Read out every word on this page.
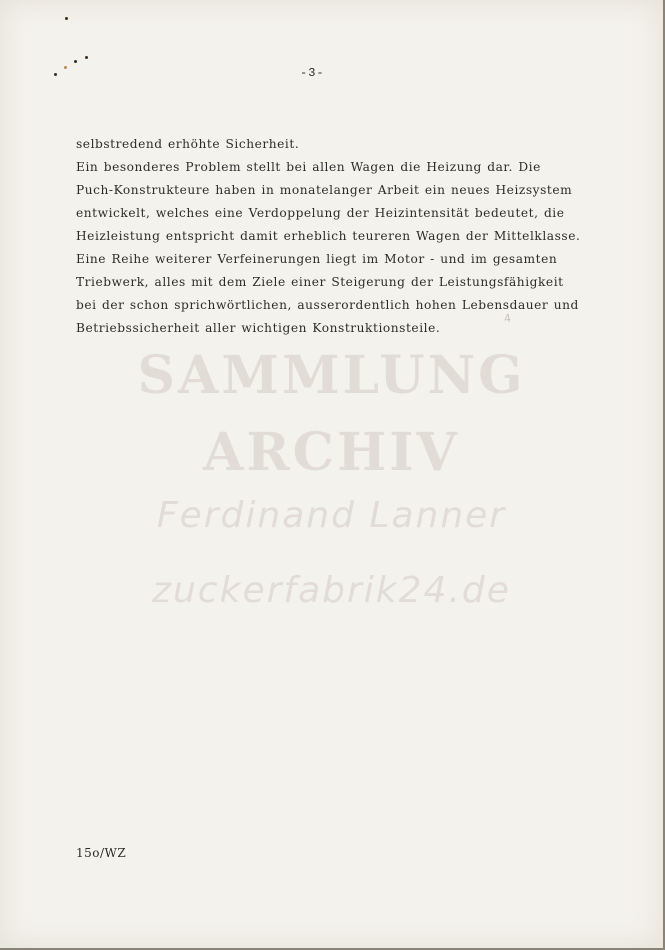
-3-
SAMMLUNG
ARCHIV
Ferdinand Lanner
zuckerfabrik24.de

selbstredend erhöhte Sicherheit.
Ein besonderes Problem stellt bei allen Wagen die Heizung dar. Die
Puch-Konstrukteure haben in monatelanger Arbeit ein neues Heizsystem
entwickelt, welches eine Verdoppelung der Heizintensität bedeutet, die
Heizleistung entspricht damit erheblich teureren Wagen der Mittelklasse.
Eine Reihe weiterer Verfeinerungen liegt im Motor - und im gesamten
Triebwerk, alles mit dem Ziele einer Steigerung der Leistungsfähigkeit
bei der schon sprichwörtlichen, ausserordentlich hohen Lebensdauer und
Betriebssicherheit aller wichtigen Konstruktionsteile.

4
15o/WZ
